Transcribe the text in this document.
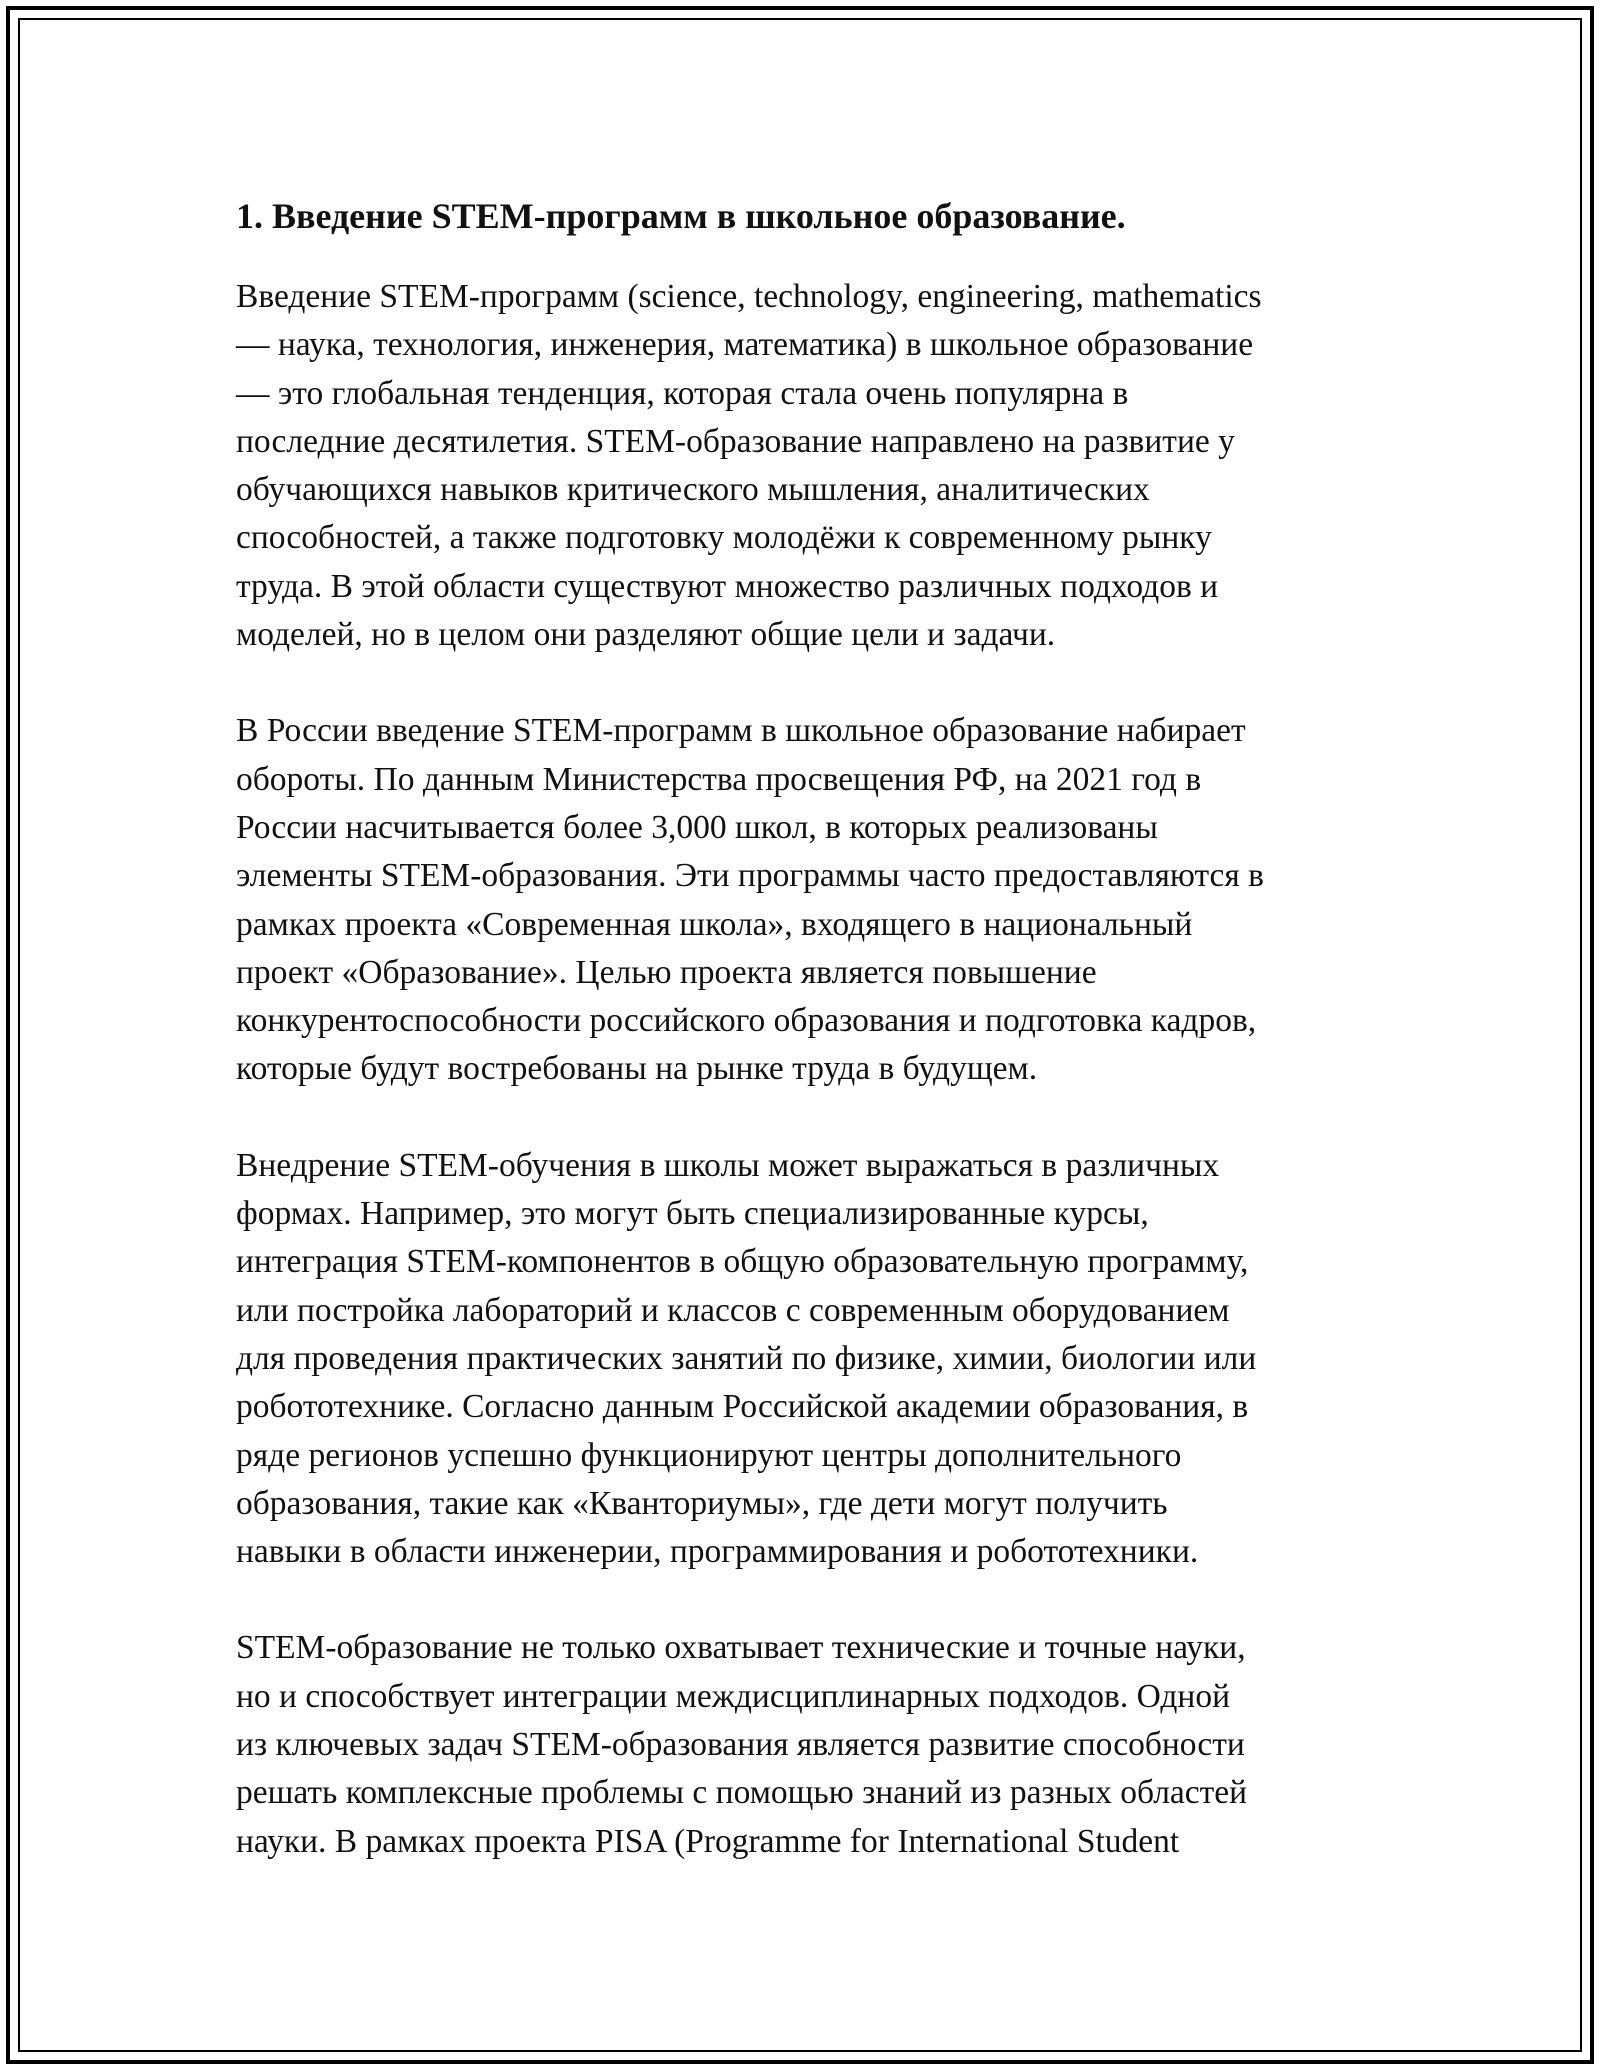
1. Введение STEM-программ в школьное образование.

Введение STEM-программ (science, technology, engineering, mathematics
— наука, технология, инженерия, математика) в школьное образование
— это глобальная тенденция, которая стала очень популярна в
последние десятилетия. STEM-образование направлено на развитие у
обучающихся навыков критического мышления, аналитических
способностей, а также подготовку молодёжи к современному рынку
труда. В этой области существуют множество различных подходов и
моделей, но в целом они разделяют общие цели и задачи.

В России введение STEM-программ в школьное образование набирает
обороты. По данным Министерства просвещения РФ, на 2021 год в
России насчитывается более 3,000 школ, в которых реализованы
элементы STEM-образования. Эти программы часто предоставляются в
рамках проекта «Современная школа», входящего в национальный
проект «Образование». Целью проекта является повышение
конкурентоспособности российского образования и подготовка кадров,
которые будут востребованы на рынке труда в будущем.

Внедрение STEM-обучения в школы может выражаться в различных
формах. Например, это могут быть специализированные курсы,
интеграция STEM-компонентов в общую образовательную программу,
или постройка лабораторий и классов с современным оборудованием
для проведения практических занятий по физике, химии, биологии или
робототехнике. Согласно данным Российской академии образования, в
ряде регионов успешно функционируют центры дополнительного
образования, такие как «Кванториумы», где дети могут получить
навыки в области инженерии, программирования и робототехники.

STEM-образование не только охватывает технические и точные науки,
но и способствует интеграции междисциплинарных подходов. Одной
из ключевых задач STEM-образования является развитие способности
решать комплексные проблемы с помощью знаний из разных областей
науки. В рамках проекта PISA (Programme for International Student
